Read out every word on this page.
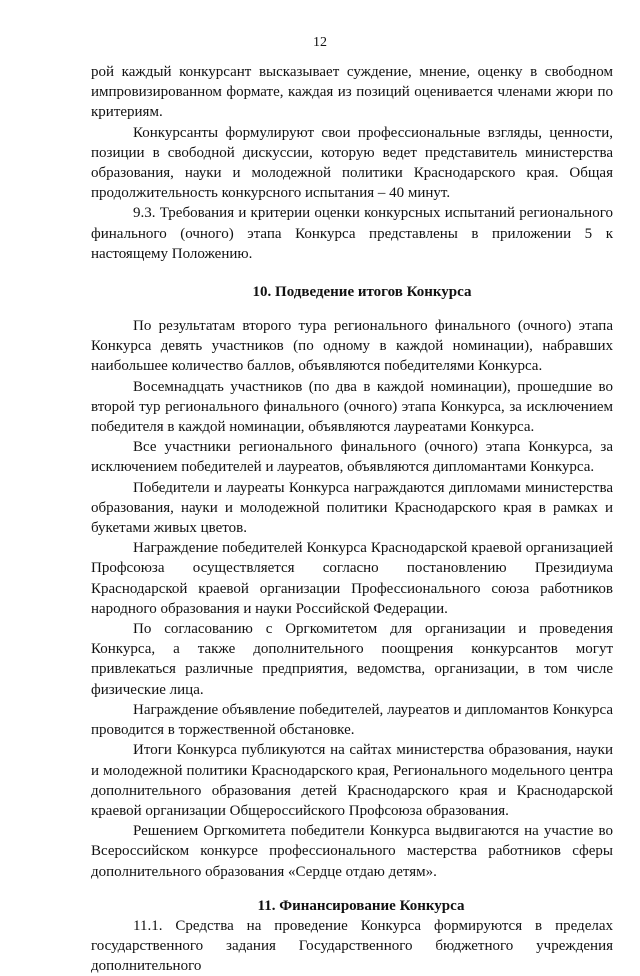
12

рой каждый конкурсант высказывает суждение, мнение, оценку в свободном импровизированном формате, каждая из позиций оценивается членами жюри по критериям.

Конкурсанты формулируют свои профессиональные взгляды, ценности, позиции в свободной дискуссии, которую ведет представитель министерства образования, науки и молодежной политики Краснодарского края. Общая продолжительность конкурсного испытания – 40 минут.

9.3. Требования и критерии оценки конкурсных испытаний регионального финального (очного) этапа Конкурса представлены в приложении 5 к настоящему Положению.

10. Подведение итогов Конкурса

По результатам второго тура регионального финального (очного) этапа Конкурса девять участников (по одному в каждой номинации), набравших наибольшее количество баллов, объявляются победителями Конкурса.

Восемнадцать участников (по два в каждой номинации), прошедшие во второй тур регионального финального (очного) этапа Конкурса, за исключением победителя в каждой номинации, объявляются лауреатами Конкурса.

Все участники регионального финального (очного) этапа Конкурса, за исключением победителей и лауреатов, объявляются дипломантами Конкурса.

Победители и лауреаты Конкурса награждаются дипломами министерства образования, науки и молодежной политики Краснодарского края в рамках и букетами живых цветов.

Награждение победителей Конкурса Краснодарской краевой организацией Профсоюза осуществляется согласно постановлению Президиума Краснодарской краевой организации Профессионального союза работников народного образования и науки Российской Федерации.

По согласованию с Оргкомитетом для организации и проведения Конкурса, а также дополнительного поощрения конкурсантов могут привлекаться различные предприятия, ведомства, организации, в том числе физические лица.

Награждение объявление победителей, лауреатов и дипломантов Конкурса проводится в торжественной обстановке.

Итоги Конкурса публикуются на сайтах министерства образования, науки и молодежной политики Краснодарского края, Регионального модельного центра дополнительного образования детей Краснодарского края и Краснодарской краевой организации Общероссийского Профсоюза образования.

Решением Оргкомитета победители Конкурса выдвигаются на участие во Всероссийском конкурсе профессионального мастерства работников сферы дополнительного образования «Сердце отдаю детям».

11. Финансирование Конкурса

11.1. Средства на проведение Конкурса формируются в пределах государственного задания Государственного бюджетного учреждения дополнительного
